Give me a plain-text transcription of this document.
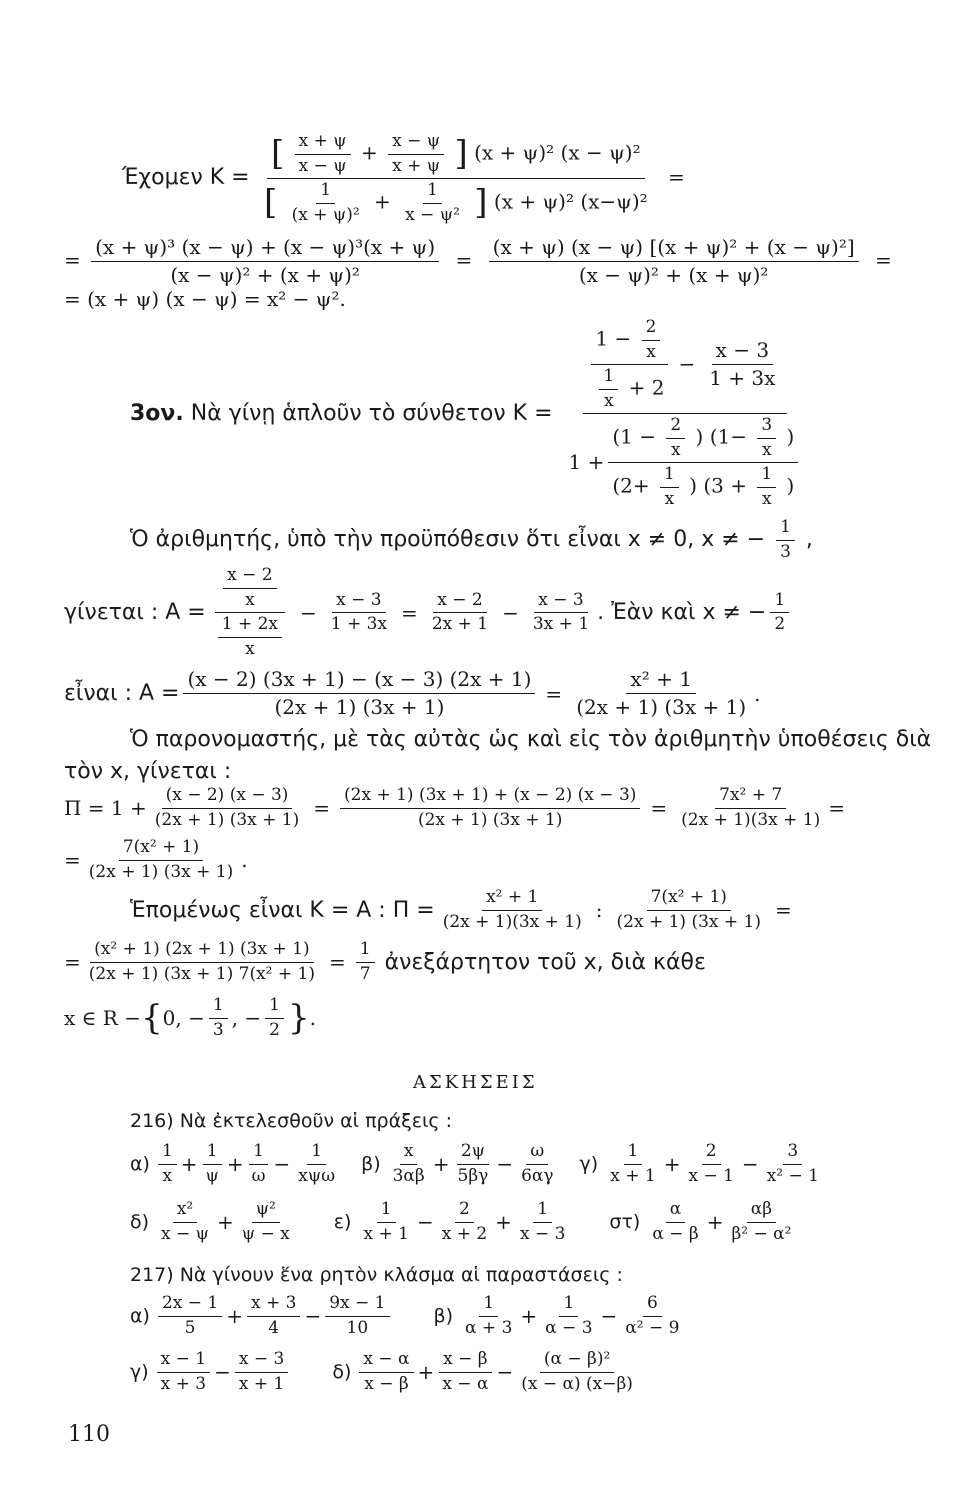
Έχομεν Κ =
[ $\frac{x + \psi}{x - \psi} + \frac{x - \psi}{x + \psi}$ ] (x + ψ)² (x − ψ)²
[ $\frac{1}{\text{(x + ψ)²}} + \frac{1}{\text{x − ψ²}}$ ] (x + ψ)² (x−ψ)²
=
= $\frac{\text{(x + ψ)³ (x − ψ) + (x − ψ)³(x + ψ)}}{\text{(x − ψ)² + (x + ψ)²}} = \frac{\text{(x + ψ) (x − ψ) [(x + ψ)² + (x − ψ)²]}}{\text{(x − ψ)² + (x + ψ)²}}$ =
= (x + ψ) (x − ψ) = x² − ψ².
3ον. Νὰ γίνῃ ἁπλοῦν τὸ σύνθετον Κ =
$\frac{1 - \frac{2}{x}}{\frac{1}{x} + 2} - \frac{x - 3}{1 + 3x}$
1 +
($1 - \frac{2}{x}$ ) ($1- \frac{3}{x}$ )
($2+ \frac{1}{x}$ ) ($3 + \frac{1}{x}$ )
Ὁ ἀριθμητής, ὑπὸ τὴν προϋπόθεσιν ὅτι εἶναι x ≠ 0, x ≠ − $\frac{1}{3}$ ,
γίνεται : $A = \frac{\frac{x - 2}{x}}{\frac{1 + 2x}{x}} - \frac{x - 3}{1 + 3x} = \frac{x - 2}{2x + 1} - \frac{x - 3}{3x + 1}$ . Ἐὰν καὶ x ≠ − $\frac{1}{2}$
εἶναι : $A = \frac{(x - 2) (3x + 1) - (x - 3) (2x + 1)}{(2x + 1) (3x + 1)} = \frac{\text{x² + 1}}{(2x + 1) (3x + 1)}$ .
Ὁ παρονομαστής, μὲ τὰς αὐτὰς ὡς καὶ εἰς τὸν ἀριθμητὴν ὑποθέσεις διὰ
τὸν x, γίνεται :
$\Pi = 1 + \frac{(x - 2) (x - 3)}{(2x + 1) (3x + 1)} = \frac{(2x + 1) (3x + 1) + (x - 2) (x - 3)}{(2x + 1) (3x + 1)} = \frac{\text{7x² + 7}}{(2x + 1)(3x + 1)}$ =
= $\frac{\text{7(x² + 1)}}{(2x + 1) (3x + 1)}$ .
Ἑπομένως εἶναι Κ = Α : $\Pi = \frac{\text{x² + 1}}{(2x + 1)(3x + 1)}$ : $\frac{\text{7(x² + 1)}}{(2x + 1) (3x + 1)}$ =
= $\frac{\text{(x² + 1) (2x + 1) (3x + 1)}}{\text{(2x + 1) (3x + 1) 7(x² + 1)}} = \frac{1}{7}$ ἀνεξάρτητον τοῦ x, διὰ κάθε
x ∈ R − { 0, − $\frac{1}{3}$ , − $\frac{1}{2}$ } .
ΑΣΚΗΣΕΙΣ
216) Νὰ ἐκτελεσθοῦν αἱ πράξεις :
$\alpha) \frac{1}{x} + \frac{1}{\psi} + \frac{1}{\omega} - \frac{1}{\text{xψω}} \beta) \frac{x}{3\alpha\beta} + \frac{2\psi}{5\beta\gamma} - \frac{\omega}{6\alpha\gamma} \gamma) \frac{1}{x + 1} + \frac{2}{x - 1} - \frac{3}{\text{x² − 1}}$
$\delta) \frac{\text{x²}}{x - \psi} + \frac{\text{ψ²}}{\psi - x} \varepsilon) \frac{1}{x + 1} - \frac{2}{x + 2} + \frac{1}{x - 3} \sigma\tau) \frac{\alpha}{\alpha - \beta} + \frac{\alpha\beta}{\text{β² − α²}}$
217) Νὰ γίνουν ἕνα ρητὸν κλάσμα αἱ παραστάσεις :
$\alpha) \frac{2x - 1}{5} + \frac{x + 3}{4} - \frac{9x - 1}{10} \beta) \frac{1}{\alpha + 3} + \frac{1}{\alpha - 3} - \frac{6}{\text{α² − 9}}$
$\gamma) \frac{x - 1}{x + 3} - \frac{x - 3}{x + 1} \delta) \frac{x - \alpha}{x - \beta} + \frac{x - \beta}{x - \alpha} - \frac{\text{(α − β)²}}{(x - \alpha) (x-\beta)}$
110
